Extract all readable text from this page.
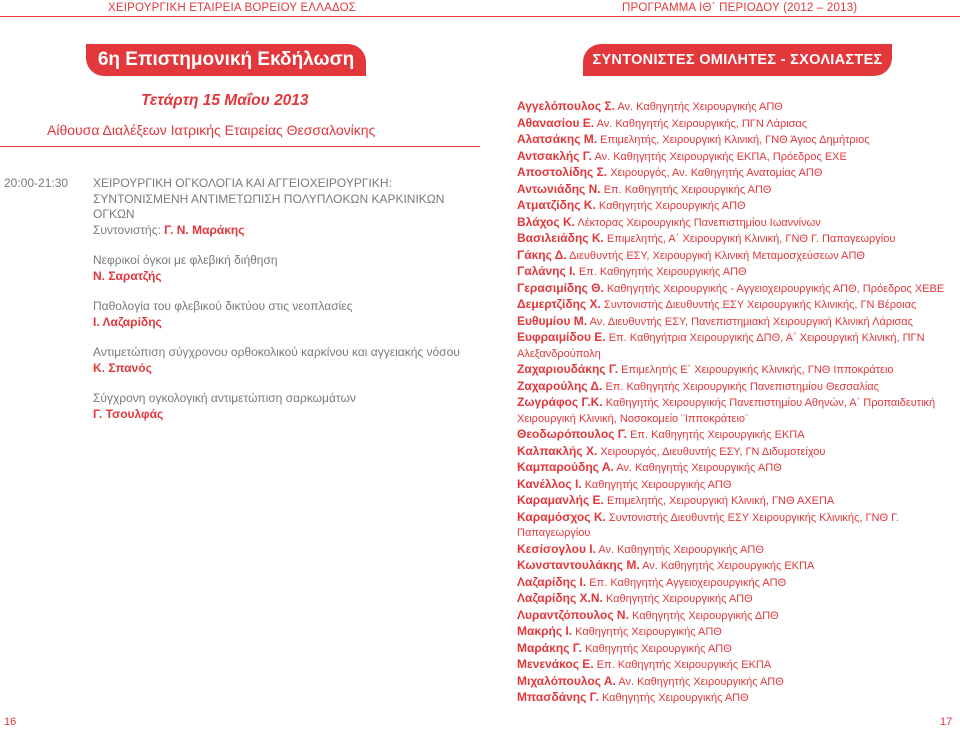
ΧΕΙΡΟΥΡΓΙΚΗ ΕΤΑΙΡΕΙΑ ΒΟΡΕΙΟΥ ΕΛΛΑΔΟΣ	ΠΡΟΓΡΑΜΜΑ ΙΘ΄ ΠΕΡΙΟΔΟΥ (2012 – 2013)
6η Επιστημονική Εκδήλωση	ΣΥΝΤΟΝΙΣΤΕΣ ΟΜΙΛΗΤΕΣ - ΣΧΟΛΙΑΣΤΕΣ
Τετάρτη 15 Μαΐου 2013
Αίθουσα Διαλέξεων Ιατρικής Εταιρείας Θεσσαλονίκης
20:00-21:30 ΧΕΙΡΟΥΡΓΙΚΗ ΟΓΚΟΛΟΓΙΑ ΚΑΙ ΑΓΓΕΙΟΧΕΙΡΟΥΡΓΙΚΗ: ΣΥΝΤΟΝΙΣΜΕΝΗ ΑΝΤΙΜΕΤΩΠΙΣΗ ΠΟΛΥΠΛΟΚΩΝ ΚΑΡΚΙΝΙΚΩΝ ΟΓΚΩΝ
Συντονιστής: Γ. Ν. Μαράκης
Νεφρικοί όγκοι με φλεβική διήθηση
Ν. Σαρατζής
Παθολογία του φλεβικού δικτύου στις νεοπλασίες
Ι. Λαζαρίδης
Αντιμετώπιση σύγχρονου ορθοκολικού καρκίνου και αγγειακής νόσου
Κ. Σπανός
Σύγχρονη ογκολογική αντιμετώπιση σαρκωμάτων
Γ. Τσουλφάς
16	17
Αγγελόπουλος Σ. Αν. Καθηγητής Χειρουργικής ΑΠΘ
Αθανασίου Ε. Αν. Καθηγητής Χειρουργικής, ΠΓΝ Λάρισας
Αλατσάκης Μ. Επιμελητής, Χειρουργική Κλινική, ΓΝΘ Άγιος Δημήτριος
Αντσακλής Γ. Αν. Καθηγητής Χειρουργικής ΕΚΠΑ, Πρόεδρος ΕΧΕ
Αποστολίδης Σ. Χειρουργός, Αν. Καθηγητής Ανατομίας ΑΠΘ
Αντωνιάδης Ν. Επ. Καθηγητής Χειρουργικής ΑΠΘ
Ατματζίδης Κ. Καθηγητής Χειρουργικής ΑΠΘ
Βλάχος Κ. Λέκτορας Χειρουργικής Πανεπιστημίου Ιωαννίνων
Βασιλειάδης Κ. Επιμελητής, Α΄ Χειρουργική Κλινική, ΓΝΘ Γ. Παπαγεωργίου
Γάκης Δ. Διευθυντής ΕΣΥ, Χειρουργική Κλινική Μεταμοσχεύσεων ΑΠΘ
Γαλάνης Ι. Επ. Καθηγητής Χειρουργικής ΑΠΘ
Γερασιμίδης Θ. Καθηγητής Χειρουργικής - Αγγειοχειρουργικής ΑΠΘ, Πρόεδρος ΧΕΒΕ
Δεμερτζίδης Χ. Συντονιστής Διευθυντής ΕΣΥ Χειρουργικής Κλινικής, ΓΝ Βέροιας
Ευθυμίου Μ. Αν. Διευθυντής ΕΣΥ, Πανεπιστημιακή Χειρουργική Κλινική Λάρισας
Ευφραιμίδου Ε. Επ. Καθηγήτρια Χειρουργικής ΔΠΘ, Α΄ Χειρουργική Κλινική, ΠΓΝ Αλεξανδρούπολη
Ζαχαριουδάκης Γ. Επιμελητής Ε΄ Χειρουργικής Κλινικής, ΓΝΘ Ιπποκράτειο
Ζαχαρούλης Δ. Επ. Καθηγητής Χειρουργικής Πανεπιστημίου Θεσσαλίας
Ζωγράφος Γ.Κ. Καθηγητής Χειρουργικής Πανεπιστημίου Αθηνών, Α΄ Προπαιδευτική Χειρουργική Κλινική, Νοσοκομείο ¨Ιπποκράτειο¨
Θεοδωρόπουλος Γ. Επ. Καθηγητής Χειρουργικής ΕΚΠΑ
Καλπακλής Χ. Χειρουργός, Διευθυντής ΕΣΥ, ΓΝ Διδυμοτείχου
Καμπαρούδης Α. Αν. Καθηγητής Χειρουργικής ΑΠΘ
Κανέλλος Ι. Καθηγητής Χειρουργικής ΑΠΘ
Καραμανλής Ε. Επιμελητής, Χειρουργική Κλινική, ΓΝΘ ΑΧΕΠΑ
Καραμόσχος Κ. Συντονιστής Διευθυντής ΕΣΥ Χειρουργικής Κλινικής, ΓΝΘ Γ. Παπαγεωργίου
Κεσίσογλου Ι. Αν. Καθηγητής Χειρουργικής ΑΠΘ
Κωνσταντουλάκης Μ. Αν. Καθηγητής Χειρουργικής ΕΚΠΑ
Λαζαρίδης Ι. Επ. Καθηγητής Αγγειοχειρουργικής ΑΠΘ
Λαζαρίδης Χ.Ν. Καθηγητής Χειρουργικής ΑΠΘ
Λυραντζόπουλος Ν. Καθηγητής Χειρουργικής ΔΠΘ
Μακρής Ι. Καθηγητής Χειρουργικής ΑΠΘ
Μαράκης Γ. Καθηγητής Χειρουργικής ΑΠΘ
Μενενάκος Ε. Επ. Καθηγητής Χειρουργικής ΕΚΠΑ
Μιχαλόπουλος Α. Αν. Καθηγητής Χειρουργικής ΑΠΘ
Μπασδάνης Γ. Καθηγητής Χειρουργικής ΑΠΘ
